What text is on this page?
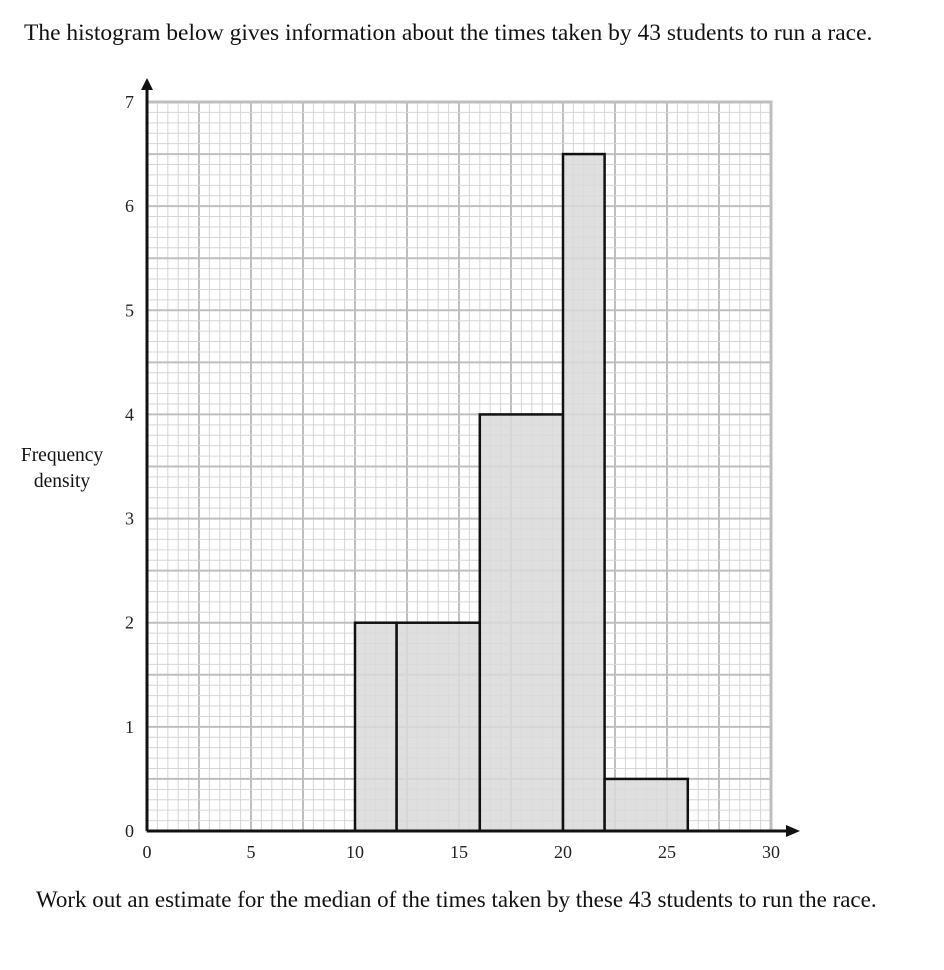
The histogram below gives information about the times taken by 43 students to run a race.
Frequency
density
0	5	10	15	20	25	30
0
1
2
3
4
5
6
7
Work out an estimate for the median of the times taken by these 43 students to run the race.
